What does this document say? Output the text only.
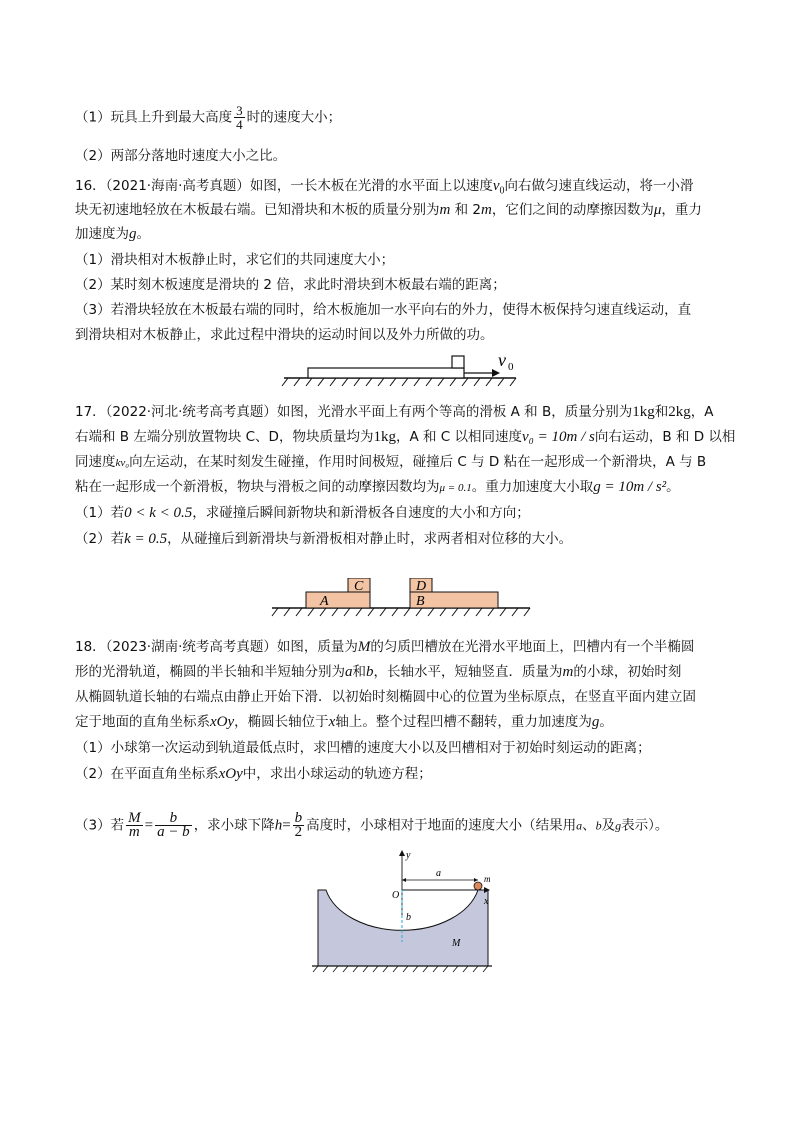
（1）玩具上升到最大高度 $\frac{3}{4}$ 时的速度大小；
（2）两部分落地时速度大小之比。
16．（2021·海南·高考真题）如图，一长木板在光滑的水平面上以速度$v_0$向右做匀速直线运动，将一小滑
块无初速地轻放在木板最右端。已知滑块和木板的质量分别为m 和 2m，它们之间的动摩擦因数为μ，重力
加速度为g。
（1）滑块相对木板静止时，求它们的共同速度大小；
（2）某时刻木板速度是滑块的 2 倍，求此时滑块到木板最右端的距离；
（3）若滑块轻放在木板最右端的同时，给木板施加一水平向右的外力，使得木板保持匀速直线运动，直
到滑块相对木板静止，求此过程中滑块的运动时间以及外力所做的功。
v 0
17．（2022·河北·统考高考真题）如图，光滑水平面上有两个等高的滑板 A 和 B，质量分别为1kg和2kg，A
右端和 B 左端分别放置物块 C、D，物块质量均为1kg，A 和 C 以相同速度v₀ = 10m / s向右运动，B 和 D 以相
同速度kv₀向左运动，在某时刻发生碰撞，作用时间极短，碰撞后 C 与 D 粘在一起形成一个新滑块，A 与 B
粘在一起形成一个新滑板，物块与滑板之间的动摩擦因数均为μ = 0.1。重力加速度大小取g = 10m / s²。
（1）若0 < k < 0.5，求碰撞后瞬间新物块和新滑板各自速度的大小和方向；
（2）若k = 0.5，从碰撞后到新滑块与新滑板相对静止时，求两者相对位移的大小。
A
C
B
D
18．（2023·湖南·统考高考真题）如图，质量为M的匀质凹槽放在光滑水平地面上，凹槽内有一个半椭圆
形的光滑轨道，椭圆的半长轴和半短轴分别为a和b，长轴水平，短轴竖直．质量为m的小球，初始时刻
从椭圆轨道长轴的右端点由静止开始下滑．以初始时刻椭圆中心的位置为坐标原点，在竖直平面内建立固
定于地面的直角坐标系xOy，椭圆长轴位于x轴上。整个过程凹槽不翻转，重力加速度为g。
（1）小球第一次运动到轨道最低点时，求凹槽的速度大小以及凹槽相对于初始时刻运动的距离；
（2）在平面直角坐标系xOy中，求出小球运动的轨迹方程；
（3）若 $\frac{M}{m} = \frac{b}{a - b}$ ，求小球下降$h= \frac{b}{2}$ 高度时，小球相对于地面的速度大小（结果用a、b及g表示）。
y
x
O
a
b
m
M
